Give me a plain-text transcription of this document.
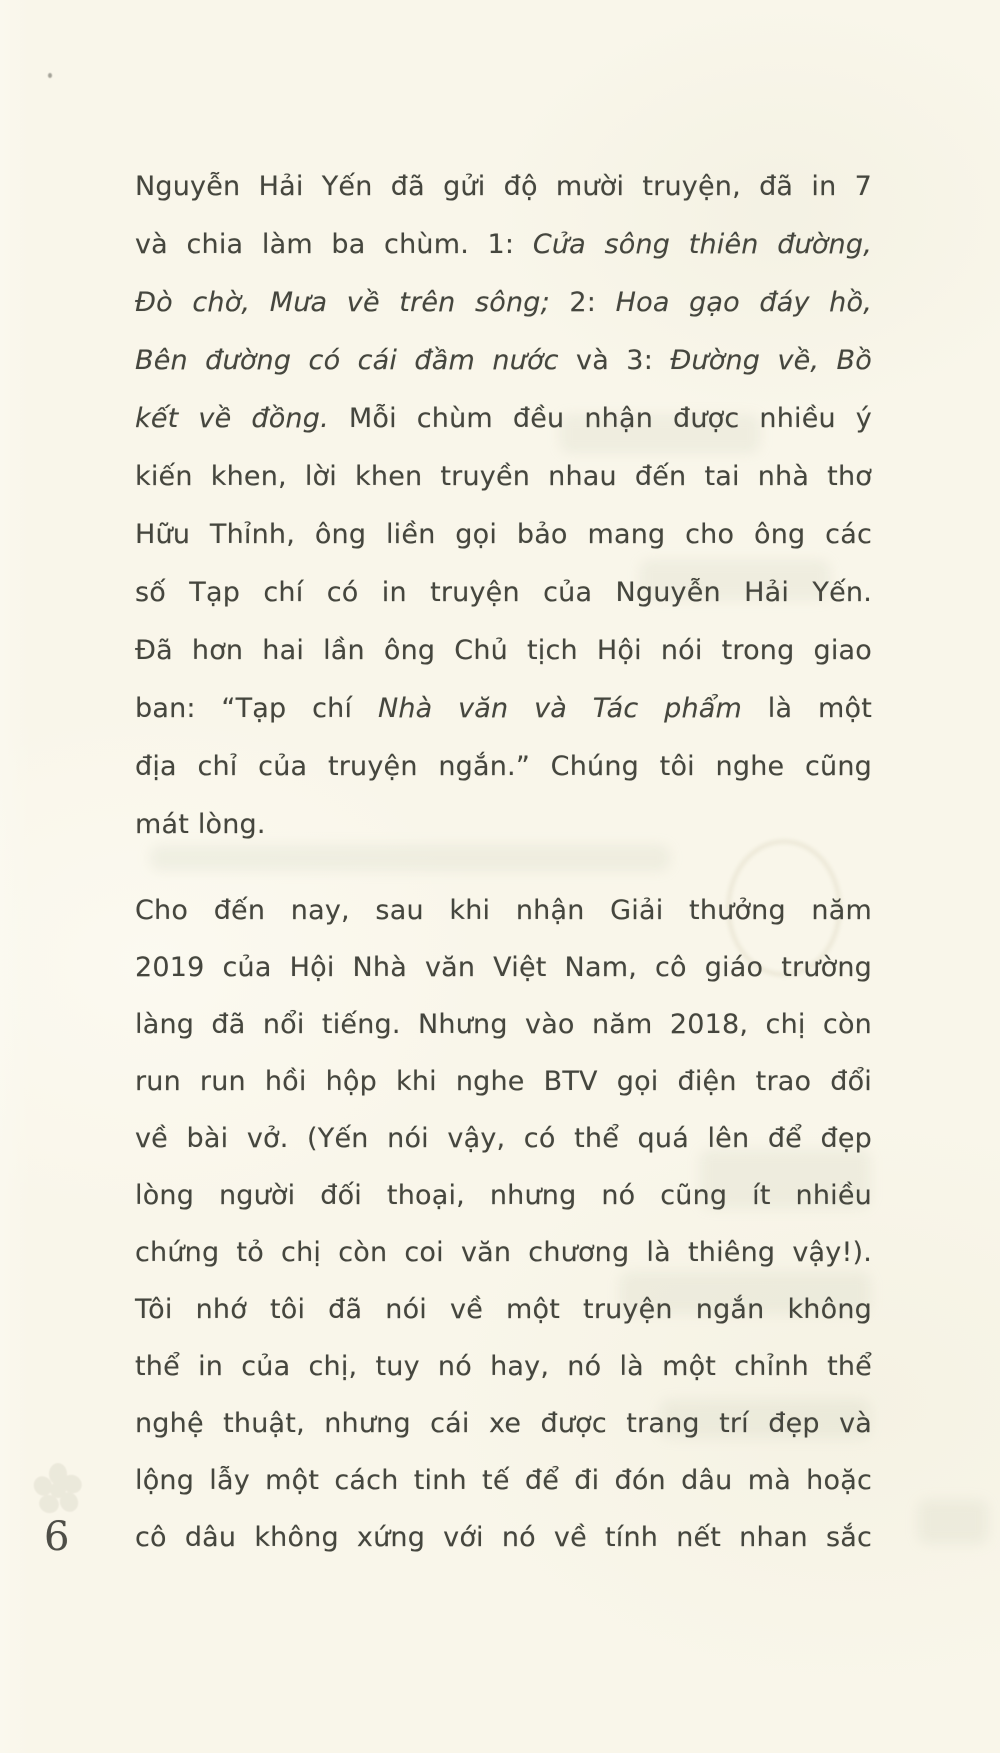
Nguyễn Hải Yến đã gửi độ mười truyện, đã in 7
và chia làm ba chùm. 1: Cửa sông thiên đường,
Đò chờ, Mưa về trên sông; 2: Hoa gạo đáy hồ,
Bên đường có cái đầm nước và 3: Đường về, Bồ
kết về đồng. Mỗi chùm đều nhận được nhiều ý
kiến khen, lời khen truyền nhau đến tai nhà thơ
Hữu Thỉnh, ông liền gọi bảo mang cho ông các
số Tạp chí có in truyện của Nguyễn Hải Yến.
Đã hơn hai lần ông Chủ tịch Hội nói trong giao
ban: “Tạp chí Nhà văn và Tác phẩm là một
địa chỉ của truyện ngắn.” Chúng tôi nghe cũng
mát lòng.
Cho đến nay, sau khi nhận Giải thưởng năm
2019 của Hội Nhà văn Việt Nam, cô giáo trường
làng đã nổi tiếng. Nhưng vào năm 2018, chị còn
run run hồi hộp khi nghe BTV gọi điện trao đổi
về bài vở. (Yến nói vậy, có thể quá lên để đẹp
lòng người đối thoại, nhưng nó cũng ít nhiều
chứng tỏ chị còn coi văn chương là thiêng vậy!).
Tôi nhớ tôi đã nói về một truyện ngắn không
thể in của chị, tuy nó hay, nó là một chỉnh thể
nghệ thuật, nhưng cái xe được trang trí đẹp và
lộng lẫy một cách tinh tế để đi đón dâu mà hoặc
cô dâu không xứng với nó về tính nết nhan sắc
6
